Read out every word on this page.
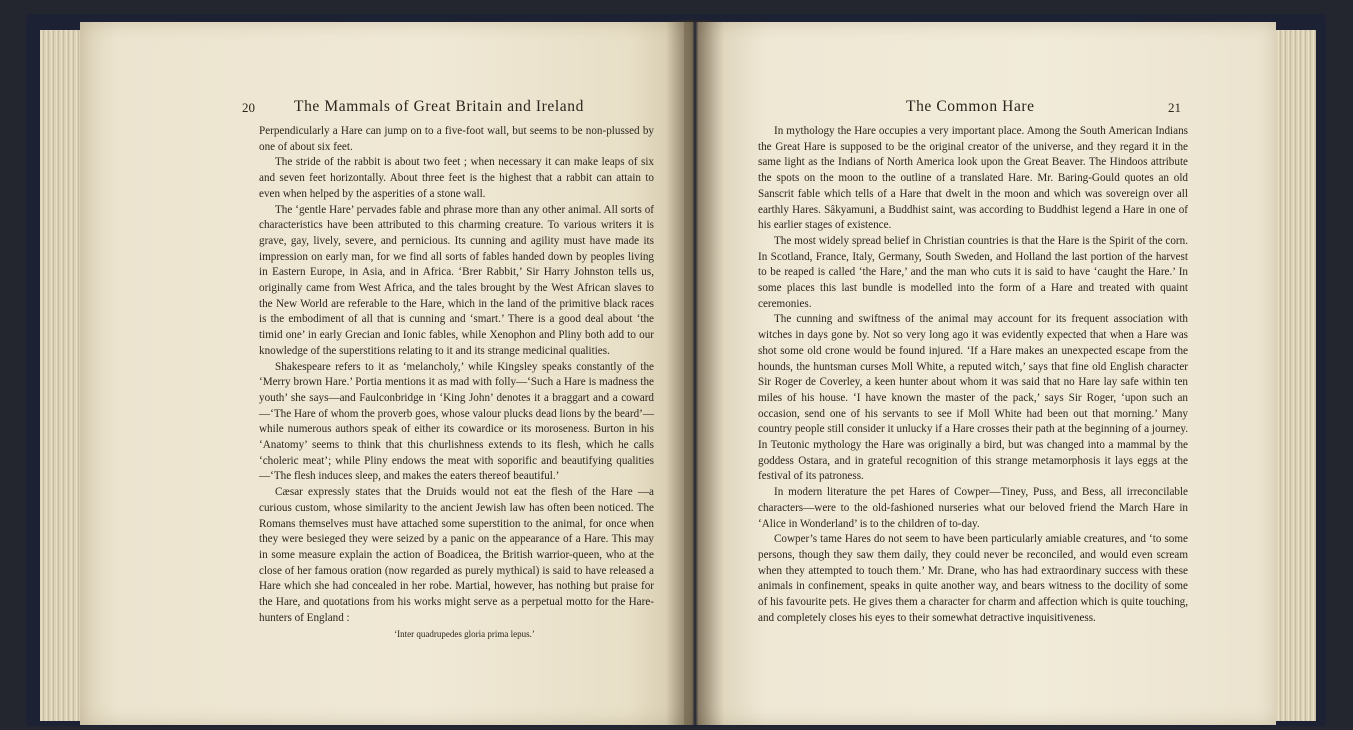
20	The Mammals of Great Britain and Ireland

Perpendicularly a Hare can jump on to a five-foot wall, but seems to be non-plussed by one of about six feet.

The stride of the rabbit is about two feet ; when necessary it can make leaps of six and seven feet horizontally. About three feet is the highest that a rabbit can attain to even when helped by the asperities of a stone wall.

The ‘gentle Hare’ pervades fable and phrase more than any other animal. All sorts of characteristics have been attributed to this charming creature. To various writers it is grave, gay, lively, severe, and pernicious. Its cunning and agility must have made its impression on early man, for we find all sorts of fables handed down by peoples living in Eastern Europe, in Asia, and in Africa. ‘Brer Rabbit,’ Sir Harry Johnston tells us, originally came from West Africa, and the tales brought by the West African slaves to the New World are referable to the Hare, which in the land of the primitive black races is the embodiment of all that is cunning and ‘smart.’ There is a good deal about ‘the timid one’ in early Grecian and Ionic fables, while Xenophon and Pliny both add to our knowledge of the superstitions relating to it and its strange medicinal qualities.

Shakespeare refers to it as ‘melancholy,’ while Kingsley speaks constantly of the ‘Merry brown Hare.’ Portia mentions it as mad with folly—‘Such a Hare is madness the youth’ she says—and Faulconbridge in ‘King John’ denotes it a braggart and a coward—‘The Hare of whom the proverb goes, whose valour plucks dead lions by the beard’—while numerous authors speak of either its cowardice or its moroseness. Burton in his ‘Anatomy’ seems to think that this churlishness extends to its flesh, which he calls ‘choleric meat’; while Pliny endows the meat with soporific and beautifying qualities—‘The flesh induces sleep, and makes the eaters thereof beautiful.’

Cæsar expressly states that the Druids would not eat the flesh of the Hare —a curious custom, whose similarity to the ancient Jewish law has often been noticed. The Romans themselves must have attached some superstition to the animal, for once when they were besieged they were seized by a panic on the appearance of a Hare. This may in some measure explain the action of Boadicea, the British warrior-queen, who at the close of her famous oration (now regarded as purely mythical) is said to have released a Hare which she had concealed in her robe. Martial, however, has nothing but praise for the Hare, and quotations from his works might serve as a perpetual motto for the Hare-hunters of England :

‘Inter quadrupedes gloria prima lepus.’

The Common Hare	21

In mythology the Hare occupies a very important place. Among the South American Indians the Great Hare is supposed to be the original creator of the universe, and they regard it in the same light as the Indians of North America look upon the Great Beaver. The Hindoos attribute the spots on the moon to the outline of a translated Hare. Mr. Baring-Gould quotes an old Sanscrit fable which tells of a Hare that dwelt in the moon and which was sovereign over all earthly Hares. Sâkyamuni, a Buddhist saint, was according to Buddhist legend a Hare in one of his earlier stages of existence.

The most widely spread belief in Christian countries is that the Hare is the Spirit of the corn. In Scotland, France, Italy, Germany, South Sweden, and Holland the last portion of the harvest to be reaped is called ‘the Hare,’ and the man who cuts it is said to have ‘caught the Hare.’ In some places this last bundle is modelled into the form of a Hare and treated with quaint ceremonies.

The cunning and swiftness of the animal may account for its frequent association with witches in days gone by. Not so very long ago it was evidently expected that when a Hare was shot some old crone would be found injured. ‘If a Hare makes an unexpected escape from the hounds, the huntsman curses Moll White, a reputed witch,’ says that fine old English character Sir Roger de Coverley, a keen hunter about whom it was said that no Hare lay safe within ten miles of his house. ‘I have known the master of the pack,’ says Sir Roger, ‘upon such an occasion, send one of his servants to see if Moll White had been out that morning.’ Many country people still consider it unlucky if a Hare crosses their path at the beginning of a journey. In Teutonic mythology the Hare was originally a bird, but was changed into a mammal by the goddess Ostara, and in grateful recognition of this strange metamorphosis it lays eggs at the festival of its patroness.

In modern literature the pet Hares of Cowper—Tiney, Puss, and Bess, all irreconcilable characters—were to the old-fashioned nurseries what our beloved friend the March Hare in ‘Alice in Wonderland’ is to the children of to-day.

Cowper’s tame Hares do not seem to have been particularly amiable creatures, and ‘to some persons, though they saw them daily, they could never be reconciled, and would even scream when they attempted to touch them.’ Mr. Drane, who has had extraordinary success with these animals in confinement, speaks in quite another way, and bears witness to the docility of some of his favourite pets. He gives them a character for charm and affection which is quite touching, and completely closes his eyes to their somewhat detractive inquisitiveness.
